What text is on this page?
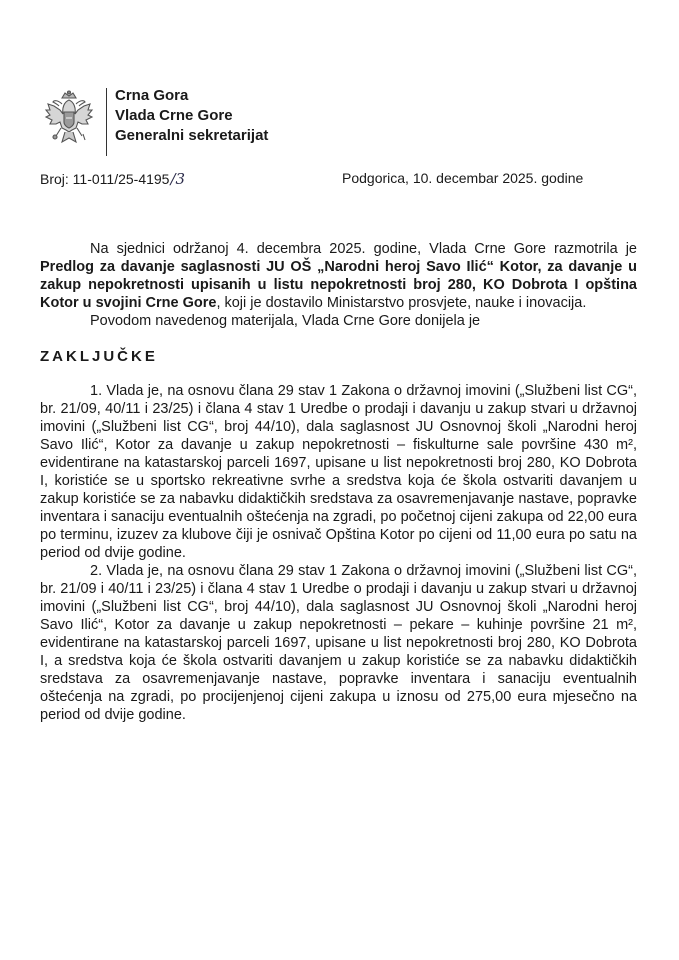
Crna Gora
Vlada Crne Gore
Generalni sekretarijat
Broj: 11-011/25-4195/3	Podgorica, 10. decembar 2025. godine

Na sjednici održanoj 4. decembra 2025. godine, Vlada Crne Gore razmotrila je Predlog za davanje saglasnosti JU OŠ „Narodni heroj Savo Ilić“ Kotor, za davanje u zakup nepokretnosti upisanih u listu nepokretnosti broj 280, KO Dobrota I opština Kotor u svojini Crne Gore, koji je dostavilo Ministarstvo prosvjete, nauke i inovacija.

Povodom navedenog materijala, Vlada Crne Gore donijela je

ZAKLJUČKE

1. Vlada je, na osnovu člana 29 stav 1 Zakona o državnoj imovini („Službeni list CG“, br. 21/09, 40/11 i 23/25) i člana 4 stav 1 Uredbe o prodaji i davanju u zakup stvari u državnoj imovini („Službeni list CG“, broj 44/10), dala saglasnost JU Osnovnoj školi „Narodni heroj Savo Ilić“, Kotor za davanje u zakup nepokretnosti – fiskulturne sale površine 430 m², evidentirane na katastarskoj parceli 1697, upisane u list nepokretnosti broj 280, KO Dobrota I, koristiće se u sportsko rekreativne svrhe a sredstva koja će škola ostvariti davanjem u zakup koristiće se za nabavku didaktičkih sredstava za osavremenjavanje nastave, popravke inventara i sanaciju eventualnih oštećenja na zgradi, po početnoj cijeni zakupa od 22,00 eura po terminu, izuzev za klubove čiji je osnivač Opština Kotor po cijeni od 11,00 eura po satu na period od dvije godine.

2. Vlada je, na osnovu člana 29 stav 1 Zakona o državnoj imovini („Službeni list CG“, br. 21/09 i 40/11 i 23/25) i člana 4 stav 1 Uredbe o prodaji i davanju u zakup stvari u državnoj imovini („Službeni list CG“, broj 44/10), dala saglasnost JU Osnovnoj školi „Narodni heroj Savo Ilić“, Kotor za davanje u zakup nepokretnosti – pekare – kuhinje površine 21 m², evidentirane na katastarskoj parceli 1697, upisane u list nepokretnosti broj 280, KO Dobrota I, a sredstva koja će škola ostvariti davanjem u zakup koristiće se za nabavku didaktičkih sredstava za osavremenjavanje nastave, popravke inventara i sanaciju eventualnih oštećenja na zgradi, po procijenjenoj cijeni zakupa u iznosu od 275,00 eura mjesečno na period od dvije godine.
